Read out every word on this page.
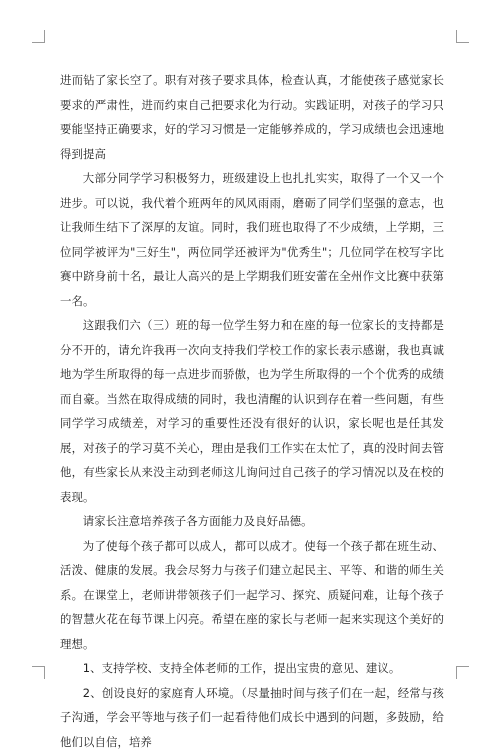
进而钻了家长空了。职有对孩子要求具体，检查认真，才能使孩子感觉家长要求的严肃性，进而约束自己把要求化为行动。实践证明，对孩子的学习只要能坚持正确要求，好的学习习惯是一定能够养成的，学习成绩也会迅速地得到提高

大部分同学学习积极努力，班级建设上也扎扎实实，取得了一个又一个进步。可以说，我代着个班两年的风风雨雨，磨砺了同学们坚强的意志，也让我师生结下了深厚的友谊。同时，我们班也取得了不少成绩，上学期，三位同学被评为"三好生"，两位同学还被评为"优秀生"；几位同学在校写字比赛中跻身前十名，最让人高兴的是上学期我们班安蕾在全州作文比赛中获第一名。

这跟我们六（三）班的每一位学生努力和在座的每一位家长的支持都是分不开的，请允许我再一次向支持我们学校工作的家长表示感谢，我也真诚地为学生所取得的每一点进步而骄傲，也为学生所取得的一个个优秀的成绩而自豪。当然在取得成绩的同时，我也清醒的认识到存在着一些问题，有些同学学习成绩差，对学习的重要性还没有很好的认识，家长呢也是任其发展，对孩子的学习莫不关心，理由是我们工作实在太忙了，真的没时间去管他，有些家长从来没主动到老师这儿询问过自己孩子的学习情况以及在校的表现。

请家长注意培养孩子各方面能力及良好品德。

为了使每个孩子都可以成人，都可以成才。使每一个孩子都在班生动、活泼、健康的发展。我会尽努力与孩子们建立起民主、平等、和谐的师生关系。在课堂上，老师讲带领孩子们一起学习、探究、质疑问难，让每个孩子的智慧火花在每节课上闪亮。希望在座的家长与老师一起来实现这个美好的理想。

1、支持学校、支持全体老师的工作，提出宝贵的意见、建议。

2、创设良好的家庭育人环境。（尽量抽时间与孩子们在一起，经常与孩子沟通，学会平等地与孩子们一起看待他们成长中遇到的问题，多鼓励，给他们以自信，培养
